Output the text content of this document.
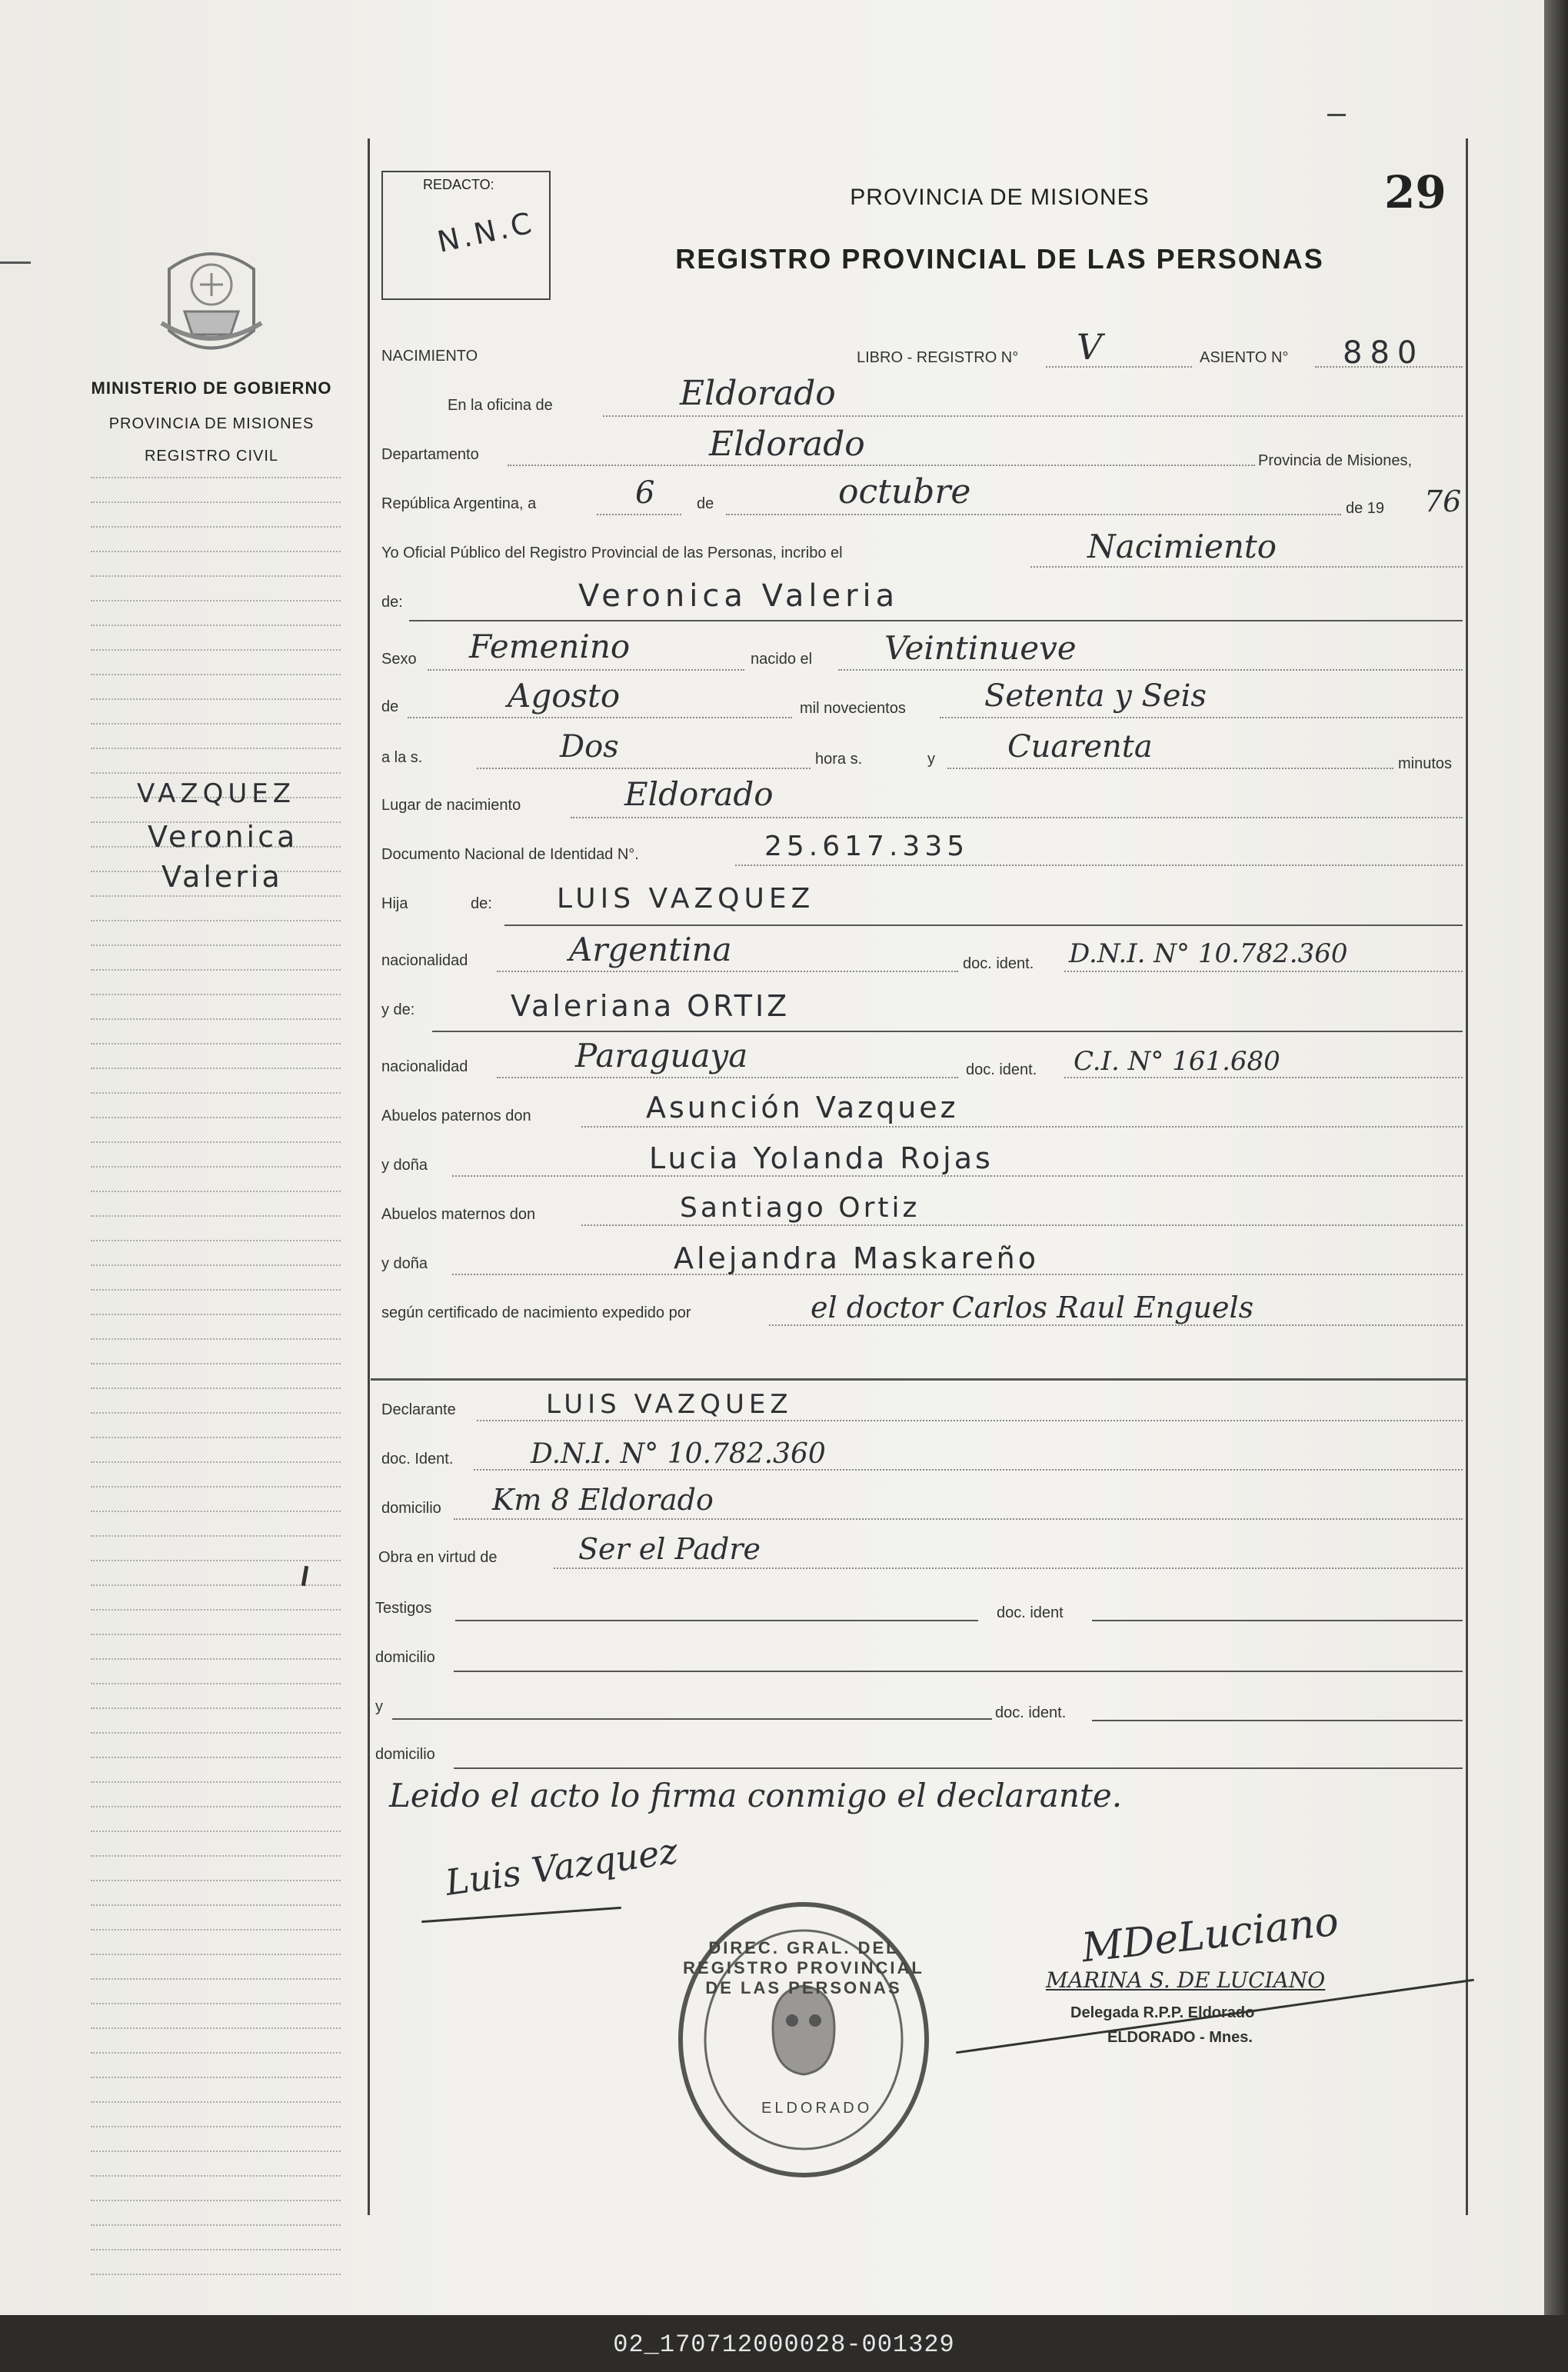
MINISTERIO DE GOBIERNO
PROVINCIA DE MISIONES
REGISTRO CIVIL
VAZQUEZ
Veronica
Valeria
REDACTO:
N.N.C
PROVINCIA DE MISIONES
REGISTRO PROVINCIAL DE LAS PERSONAS
29
NACIMIENTO	LIBRO - REGISTRO N° V	ASIENTO N° 880
En la oficina de	Eldorado
Departamento	Eldorado	Provincia de Misiones,
República Argentina, a	6	de	octubre	de 19 76
Yo Oficial Público del Registro Provincial de las Personas, incribo el	Nacimiento
de:	Veronica Valeria
Sexo Femenino	nacido el Veintinueve
de	Agosto	mil novecientos	Setenta y Seis
a la s.	Dos	hora s.	y Cuarenta	minutos
Lugar de nacimiento	Eldorado
Documento Nacional de Identidad N°.	25.617.335
Hija	de: LUIS VAZQUEZ
nacionalidad	Argentina	doc. ident. D.N.I. N° 10.782.360
y de:	Valeriana ORTIZ
nacionalidad	Paraguaya	doc. ident. C.I. N° 161.680
Abuelos paternos don	Asunción Vazquez
y doña	Lucia Yolanda Rojas
Abuelos maternos don	Santiago Ortiz
y doña	Alejandra Maskareño
según certificado de nacimiento expedido por	el doctor Carlos Raul Enguels
Declarante	LUIS VAZQUEZ
doc. Ident.	D.N.I. N° 10.782.360
domicilio Km 8 Eldorado
Obra en virtud de	Ser el Padre
Testigos	doc. ident
domicilio
y	doc. ident.
domicilio
Leido el acto lo firma conmigo el declarante.
Luis Vazquez
MDeLuciano
MARINA S. DE LUCIANO
Delegada R.P.P. Eldorado
ELDORADO - Mnes.
DIREC. GRAL. DEL REGISTRO PROVINCIAL DE LAS PERSONAS
ELDORADO
02_170712000028-001329
